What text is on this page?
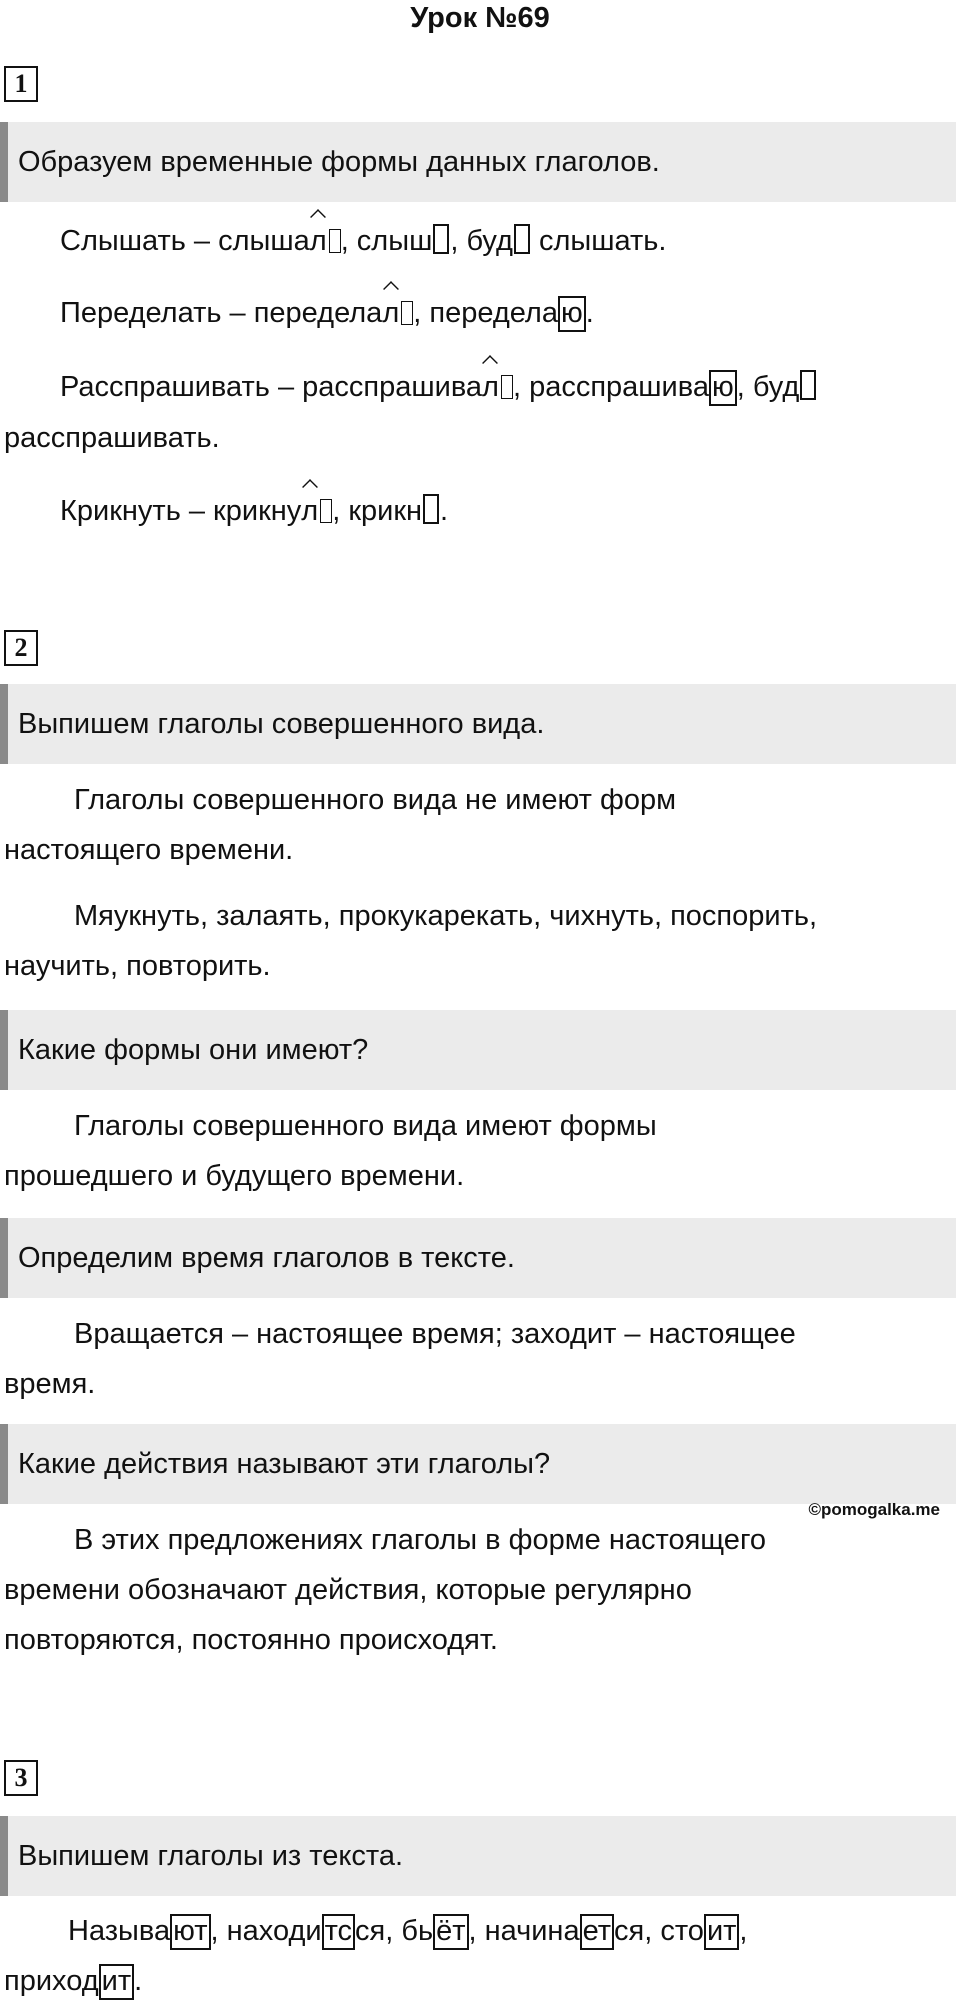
Урок №69
1
Образуем временные формы данных глаголов.
Слышать – слышал , слыш , буд слышать.
Переделать – переделaл , переделa ю .
Расспрашивать – расспрашивал , расспрашива ю , буд
расспрашивать.
Крикнуть – крикнул , крикн .
2
Выпишем глаголы совершенного вида.
Глаголы совершенного вида не имеют форм
настоящего времени.
Мяукнуть, залаять, прокукарекать, чихнуть, поспорить,
научить, повторить.
Какие формы они имеют?
Глаголы совершенного вида имеют формы
прошедшего и будущего времени.
Определим время глаголов в тексте.
Вращается – настоящее время; заходит – настоящее
время.
Какие действия называют эти глаголы?
©pomogalka.me
В этих предложениях глаголы в форме настоящего
времени обозначают действия, которые регулярно
повторяются, постоянно происходят.
3
Выпишем глаголы из текста.
Называ ют , находи тс ся, бь ёт , начина ет ся, сто ит ,
приход ит .
